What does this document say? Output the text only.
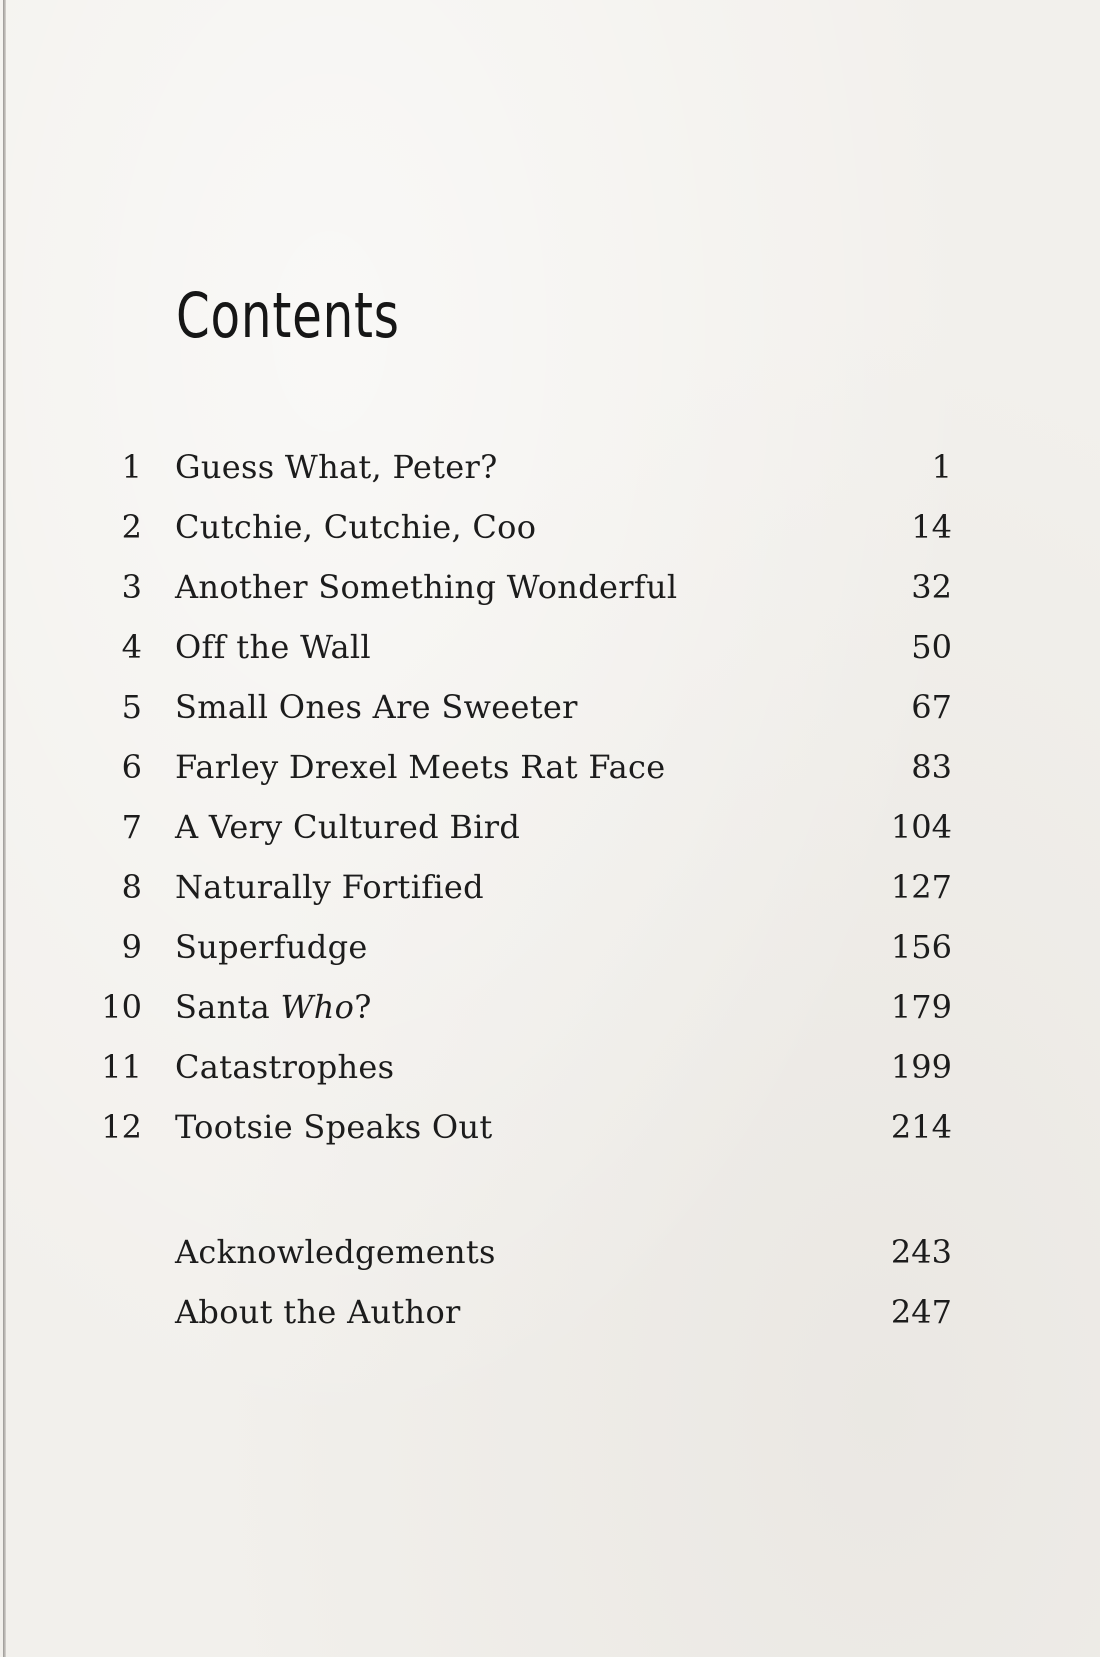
Contents
1 Guess What, Peter?	1
2 Cutchie, Cutchie, Coo	14
3 Another Something Wonderful	32
4 Off the Wall	50
5 Small Ones Are Sweeter	67
6 Farley Drexel Meets Rat Face	83
7 A Very Cultured Bird	104
8 Naturally Fortified	127
9 Superfudge	156
10 Santa Who?	179
11 Catastrophes	199
12 Tootsie Speaks Out	214
Acknowledgements	243
About the Author	247
